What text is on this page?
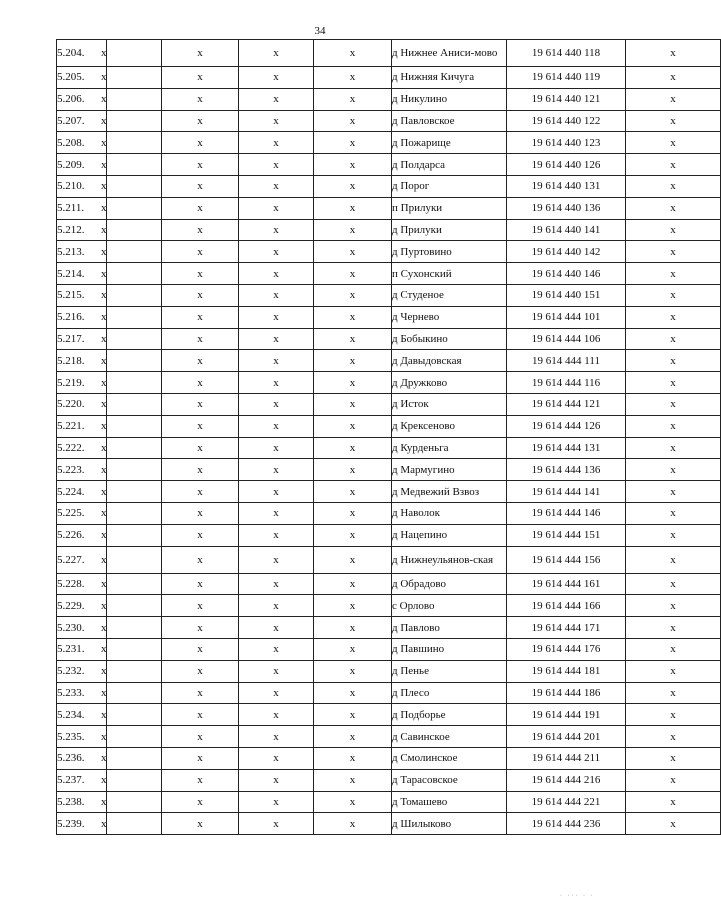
34
5.204.	x	x	x	x	д Нижнее Аниси-мово	19 614 440 118	x
5.205.	x	x	x	x	д Нижняя Кичуга	19 614 440 119	x
5.206.	x	x	x	x	д Никулино	19 614 440 121	x
5.207.	x	x	x	x	д Павловское	19 614 440 122	x
5.208.	x	x	x	x	д Пожарище	19 614 440 123	x
5.209.	x	x	x	x	д Полдарса	19 614 440 126	x
5.210.	x	x	x	x	д Порог	19 614 440 131	x
5.211.	x	x	x	x	п Прилуки	19 614 440 136	x
5.212.	x	x	x	x	д Прилуки	19 614 440 141	x
5.213.	x	x	x	x	д Пуртовино	19 614 440 142	x
5.214.	x	x	x	x	п Сухонский	19 614 440 146	x
5.215.	x	x	x	x	д Студеное	19 614 440 151	x
5.216.	x	x	x	x	д Чернево	19 614 444 101	x
5.217.	x	x	x	x	д Бобыкино	19 614 444 106	x
5.218.	x	x	x	x	д Давыдовская	19 614 444 111	x
5.219.	x	x	x	x	д Дружково	19 614 444 116	x
5.220.	x	x	x	x	д Исток	19 614 444 121	x
5.221.	x	x	x	x	д Крексеново	19 614 444 126	x
5.222.	x	x	x	x	д Курденьга	19 614 444 131	x
5.223.	x	x	x	x	д Мармугино	19 614 444 136	x
5.224.	x	x	x	x	д Медвежий Взвоз	19 614 444 141	x
5.225.	x	x	x	x	д Наволок	19 614 444 146	x
5.226.	x	x	x	x	д Нацепино	19 614 444 151	x
5.227.	x	x	x	x	д Нижнеульянов-ская	19 614 444 156	x
5.228.	x	x	x	x	д Обрадово	19 614 444 161	x
5.229.	x	x	x	x	с Орлово	19 614 444 166	x
5.230.	x	x	x	x	д Павлово	19 614 444 171	x
5.231.	x	x	x	x	д Павшино	19 614 444 176	x
5.232.	x	x	x	x	д Пенье	19 614 444 181	x
5.233.	x	x	x	x	д Плесо	19 614 444 186	x
5.234.	x	x	x	x	д Подборье	19 614 444 191	x
5.235.	x	x	x	x	д Савинское	19 614 444 201	x
5.236.	x	x	x	x	д Смолинское	19 614 444 211	x
5.237.	x	x	x	x	д Тарасовское	19 614 444 216	x
5.238.	x	x	x	x	д Томашево	19 614 444 221	x
5.239.	x	x	x	x	д Шилыково	19 614 444 236	x
· ··· · ·
